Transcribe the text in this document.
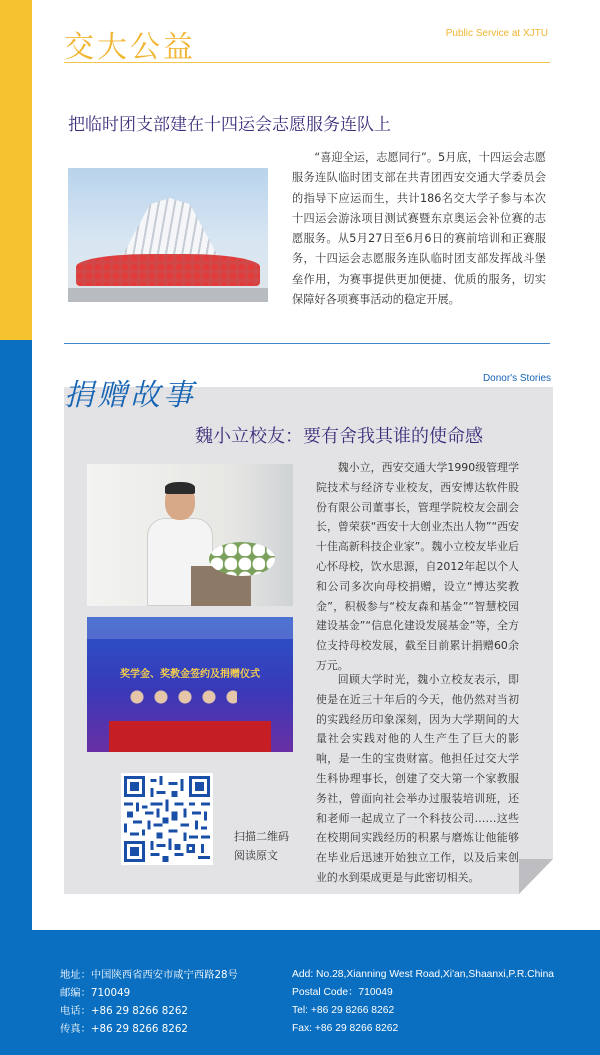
交大公益	Public Service at XJTU
把临时团支部建在十四运会志愿服务连队上
“喜迎全运，志愿同行”。5月底，十四运会志愿服务连队临时团支部在共青团西安交通大学委员会的指导下应运而生，共计186名交大学子参与本次十四运会游泳项目测试赛暨东京奥运会补位赛的志愿服务。从5月27日至6月6日的赛前培训和正赛服务，十四运会志愿服务连队临时团支部发挥战斗堡垒作用，为赛事提供更加便捷、优质的服务，切实保障好各项赛事活动的稳定开展。
捐赠故事	Donor's Stories
魏小立校友：要有舍我其谁的使命感
奖学金、奖教金签约及捐赠仪式
扫描二维码
阅读原文
魏小立，西安交通大学1990级管理学院技术与经济专业校友，西安博达软件股份有限公司董事长，管理学院校友会副会长，曾荣获“西安十大创业杰出人物”“西安十佳高新科技企业家”。魏小立校友毕业后心怀母校，饮水思源，自2012年起以个人和公司多次向母校捐赠，设立“博达奖教金”，积极参与“校友森和基金”“智慧校园建设基金”“信息化建设发展基金”等，全方位支持母校发展，截至目前累计捐赠60余万元。
回顾大学时光，魏小立校友表示，即使是在近三十年后的今天，他仍然对当初的实践经历印象深刻，因为大学期间的大量社会实践对他的人生产生了巨大的影响，是一生的宝贵财富。他担任过交大学生科协理事长，创建了交大第一个家教服务社，曾面向社会举办过服装培训班，还和老师一起成立了一个科技公司……这些在校期间实践经历的积累与磨炼让他能够在毕业后迅速开始独立工作，以及后来创业的水到渠成更是与此密切相关。
地址：中国陕西省西安市咸宁西路28号
邮编：710049
电话：+86 29 8266 8262
传真：+86 29 8266 8262
Add: No.28,Xianning West Road,Xi'an,Shaanxi,P.R.China
Postal Code：710049
Tel: +86 29 8266 8262
Fax: +86 29 8266 8262
